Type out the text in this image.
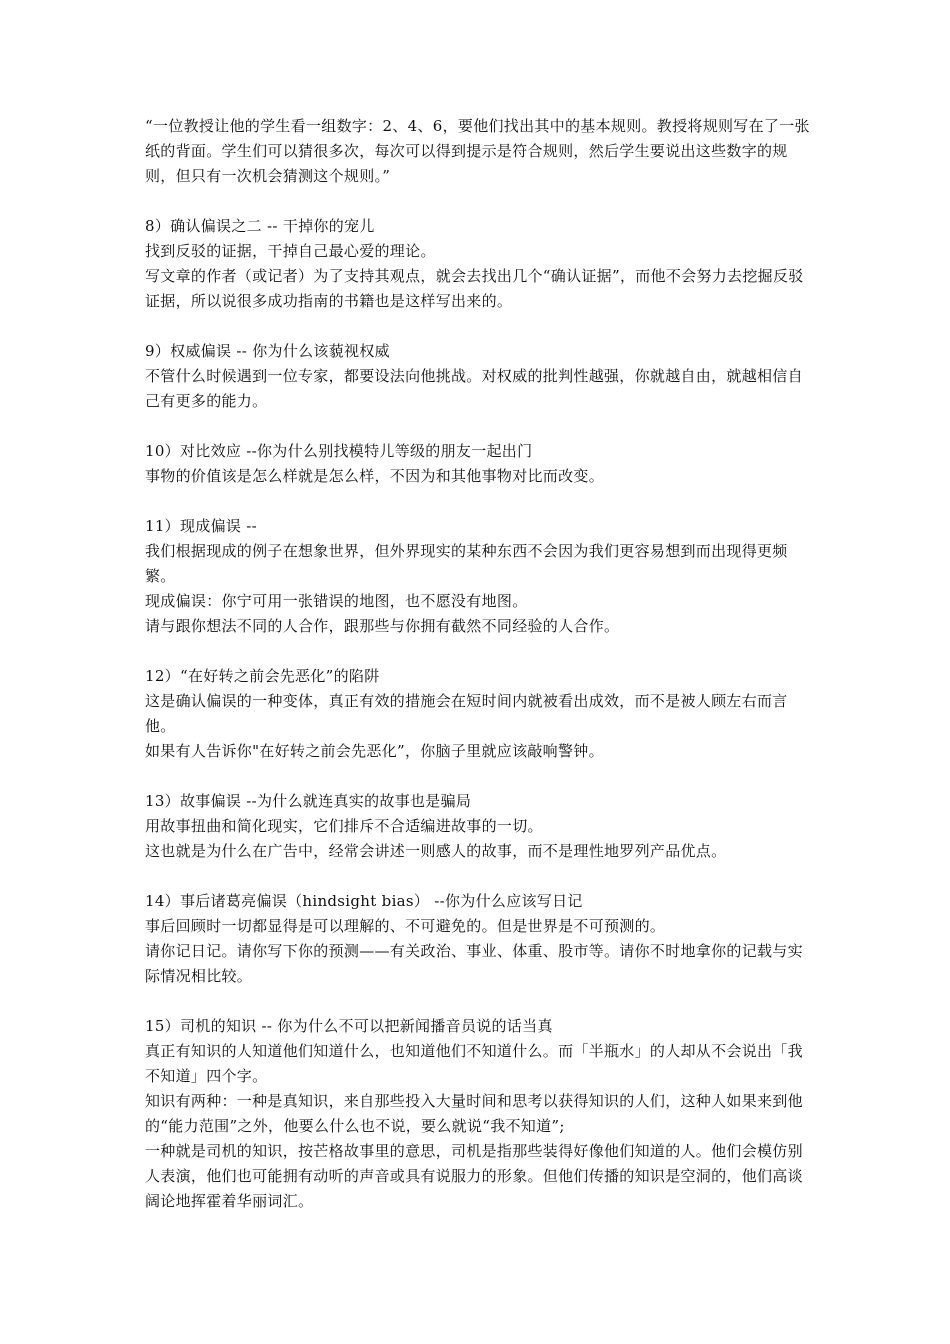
“一位教授让他的学生看一组数字：2、4、6，要他们找出其中的基本规则。教授将规则写在了一张纸的背面。学生们可以猜很多次，每次可以得到提示是符合规则，然后学生要说出这些数字的规则，但只有一次机会猜测这个规则。”

8）确认偏误之二 -- 干掉你的宠儿

找到反驳的证据，干掉自己最心爱的理论。

写文章的作者（或记者）为了支持其观点，就会去找出几个“确认证据”，而他不会努力去挖掘反驳证据，所以说很多成功指南的书籍也是这样写出来的。

9）权威偏误 -- 你为什么该藐视权威

不管什么时候遇到一位专家，都要设法向他挑战。对权威的批判性越强，你就越自由，就越相信自己有更多的能力。

10）对比效应 --你为什么别找模特儿等级的朋友一起出门

事物的价值该是怎么样就是怎么样，不因为和其他事物对比而改变。

11）现成偏误 --

我们根据现成的例子在想象世界，但外界现实的某种东西不会因为我们更容易想到而出现得更频繁。

现成偏误：你宁可用一张错误的地图，也不愿没有地图。

请与跟你想法不同的人合作，跟那些与你拥有截然不同经验的人合作。

12）“在好转之前会先恶化”的陷阱

这是确认偏误的一种变体，真正有效的措施会在短时间内就被看出成效，而不是被人顾左右而言他。

如果有人告诉你"在好转之前会先恶化”，你脑子里就应该敲响警钟。

13）故事偏误 --为什么就连真实的故事也是骗局

用故事扭曲和简化现实，它们排斥不合适编进故事的一切。

这也就是为什么在广告中，经常会讲述一则感人的故事，而不是理性地罗列产品优点。

14）事后诸葛亮偏误（hindsight bias） --你为什么应该写日记

事后回顾时一切都显得是可以理解的、不可避免的。但是世界是不可预测的。

请你记日记。请你写下你的预测——有关政治、事业、体重、股市等。请你不时地拿你的记载与实际情况相比较。

15）司机的知识 -- 你为什么不可以把新闻播音员说的话当真

真正有知识的人知道他们知道什么，也知道他们不知道什么。而「半瓶水」的人却从不会说出「我不知道」四个字。

知识有两种：一种是真知识，来自那些投入大量时间和思考以获得知识的人们，这种人如果来到他的“能力范围”之外，他要么什么也不说，要么就说“我不知道”;

一种就是司机的知识，按芒格故事里的意思，司机是指那些装得好像他们知道的人。他们会模仿别人表演，他们也可能拥有动听的声音或具有说服力的形象。但他们传播的知识是空洞的，他们高谈阔论地挥霍着华丽词汇。
